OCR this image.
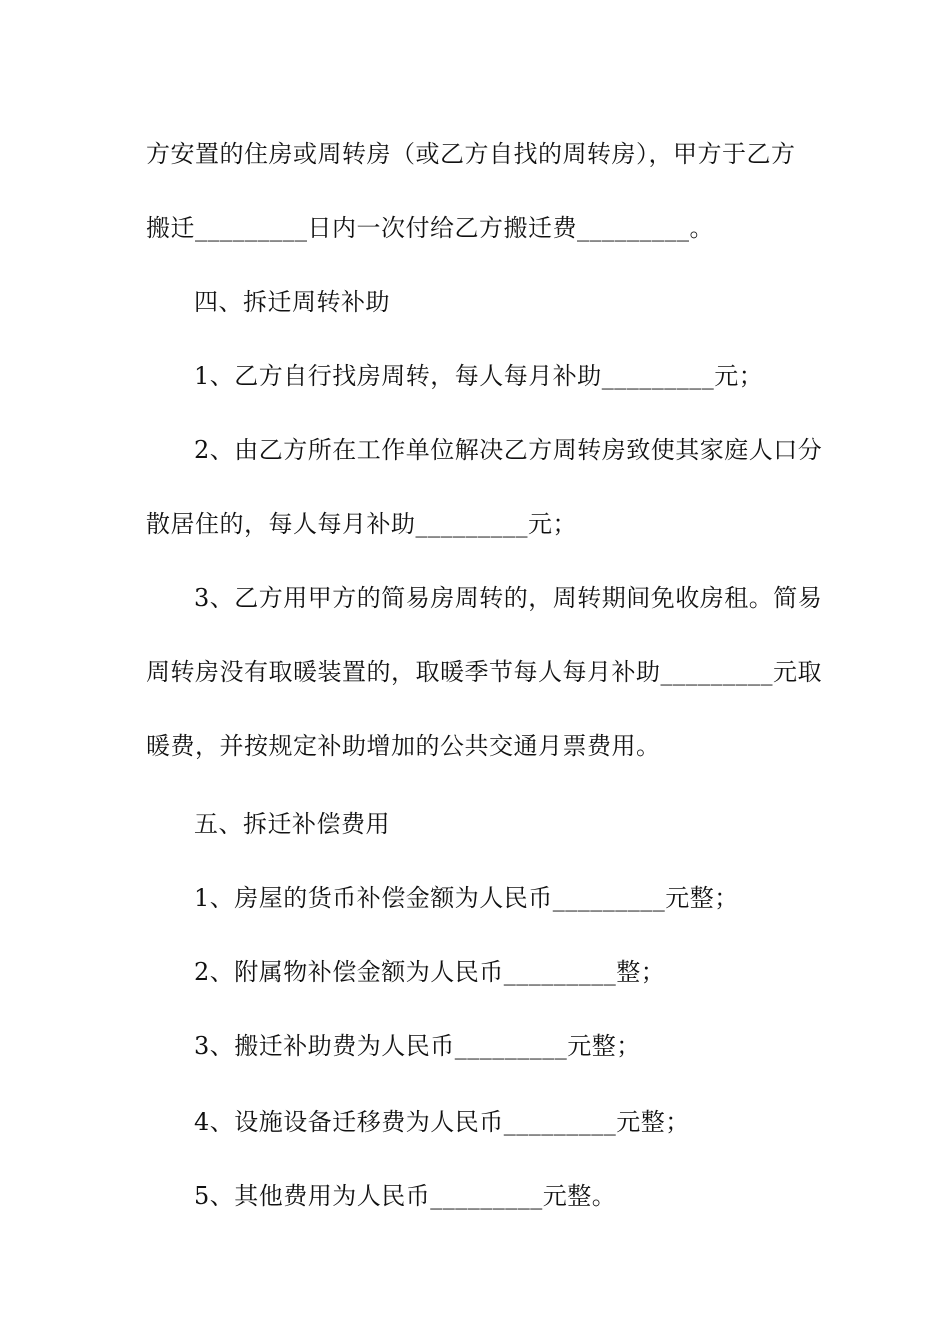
方安置的住房或周转房（或乙方自找的周转房），甲方于乙方
搬迁_________日内一次付给乙方搬迁费_________。
四、拆迁周转补助
1、乙方自行找房周转，每人每月补助_________元；
2、由乙方所在工作单位解决乙方周转房致使其家庭人口分
散居住的，每人每月补助_________元；
3、乙方用甲方的简易房周转的，周转期间免收房租。简易
周转房没有取暖装置的，取暖季节每人每月补助_________元取
暖费，并按规定补助增加的公共交通月票费用。
五、拆迁补偿费用
1、房屋的货币补偿金额为人民币_________元整；
2、附属物补偿金额为人民币_________整；
3、搬迁补助费为人民币_________元整；
4、设施设备迁移费为人民币_________元整；
5、其他费用为人民币_________元整。
